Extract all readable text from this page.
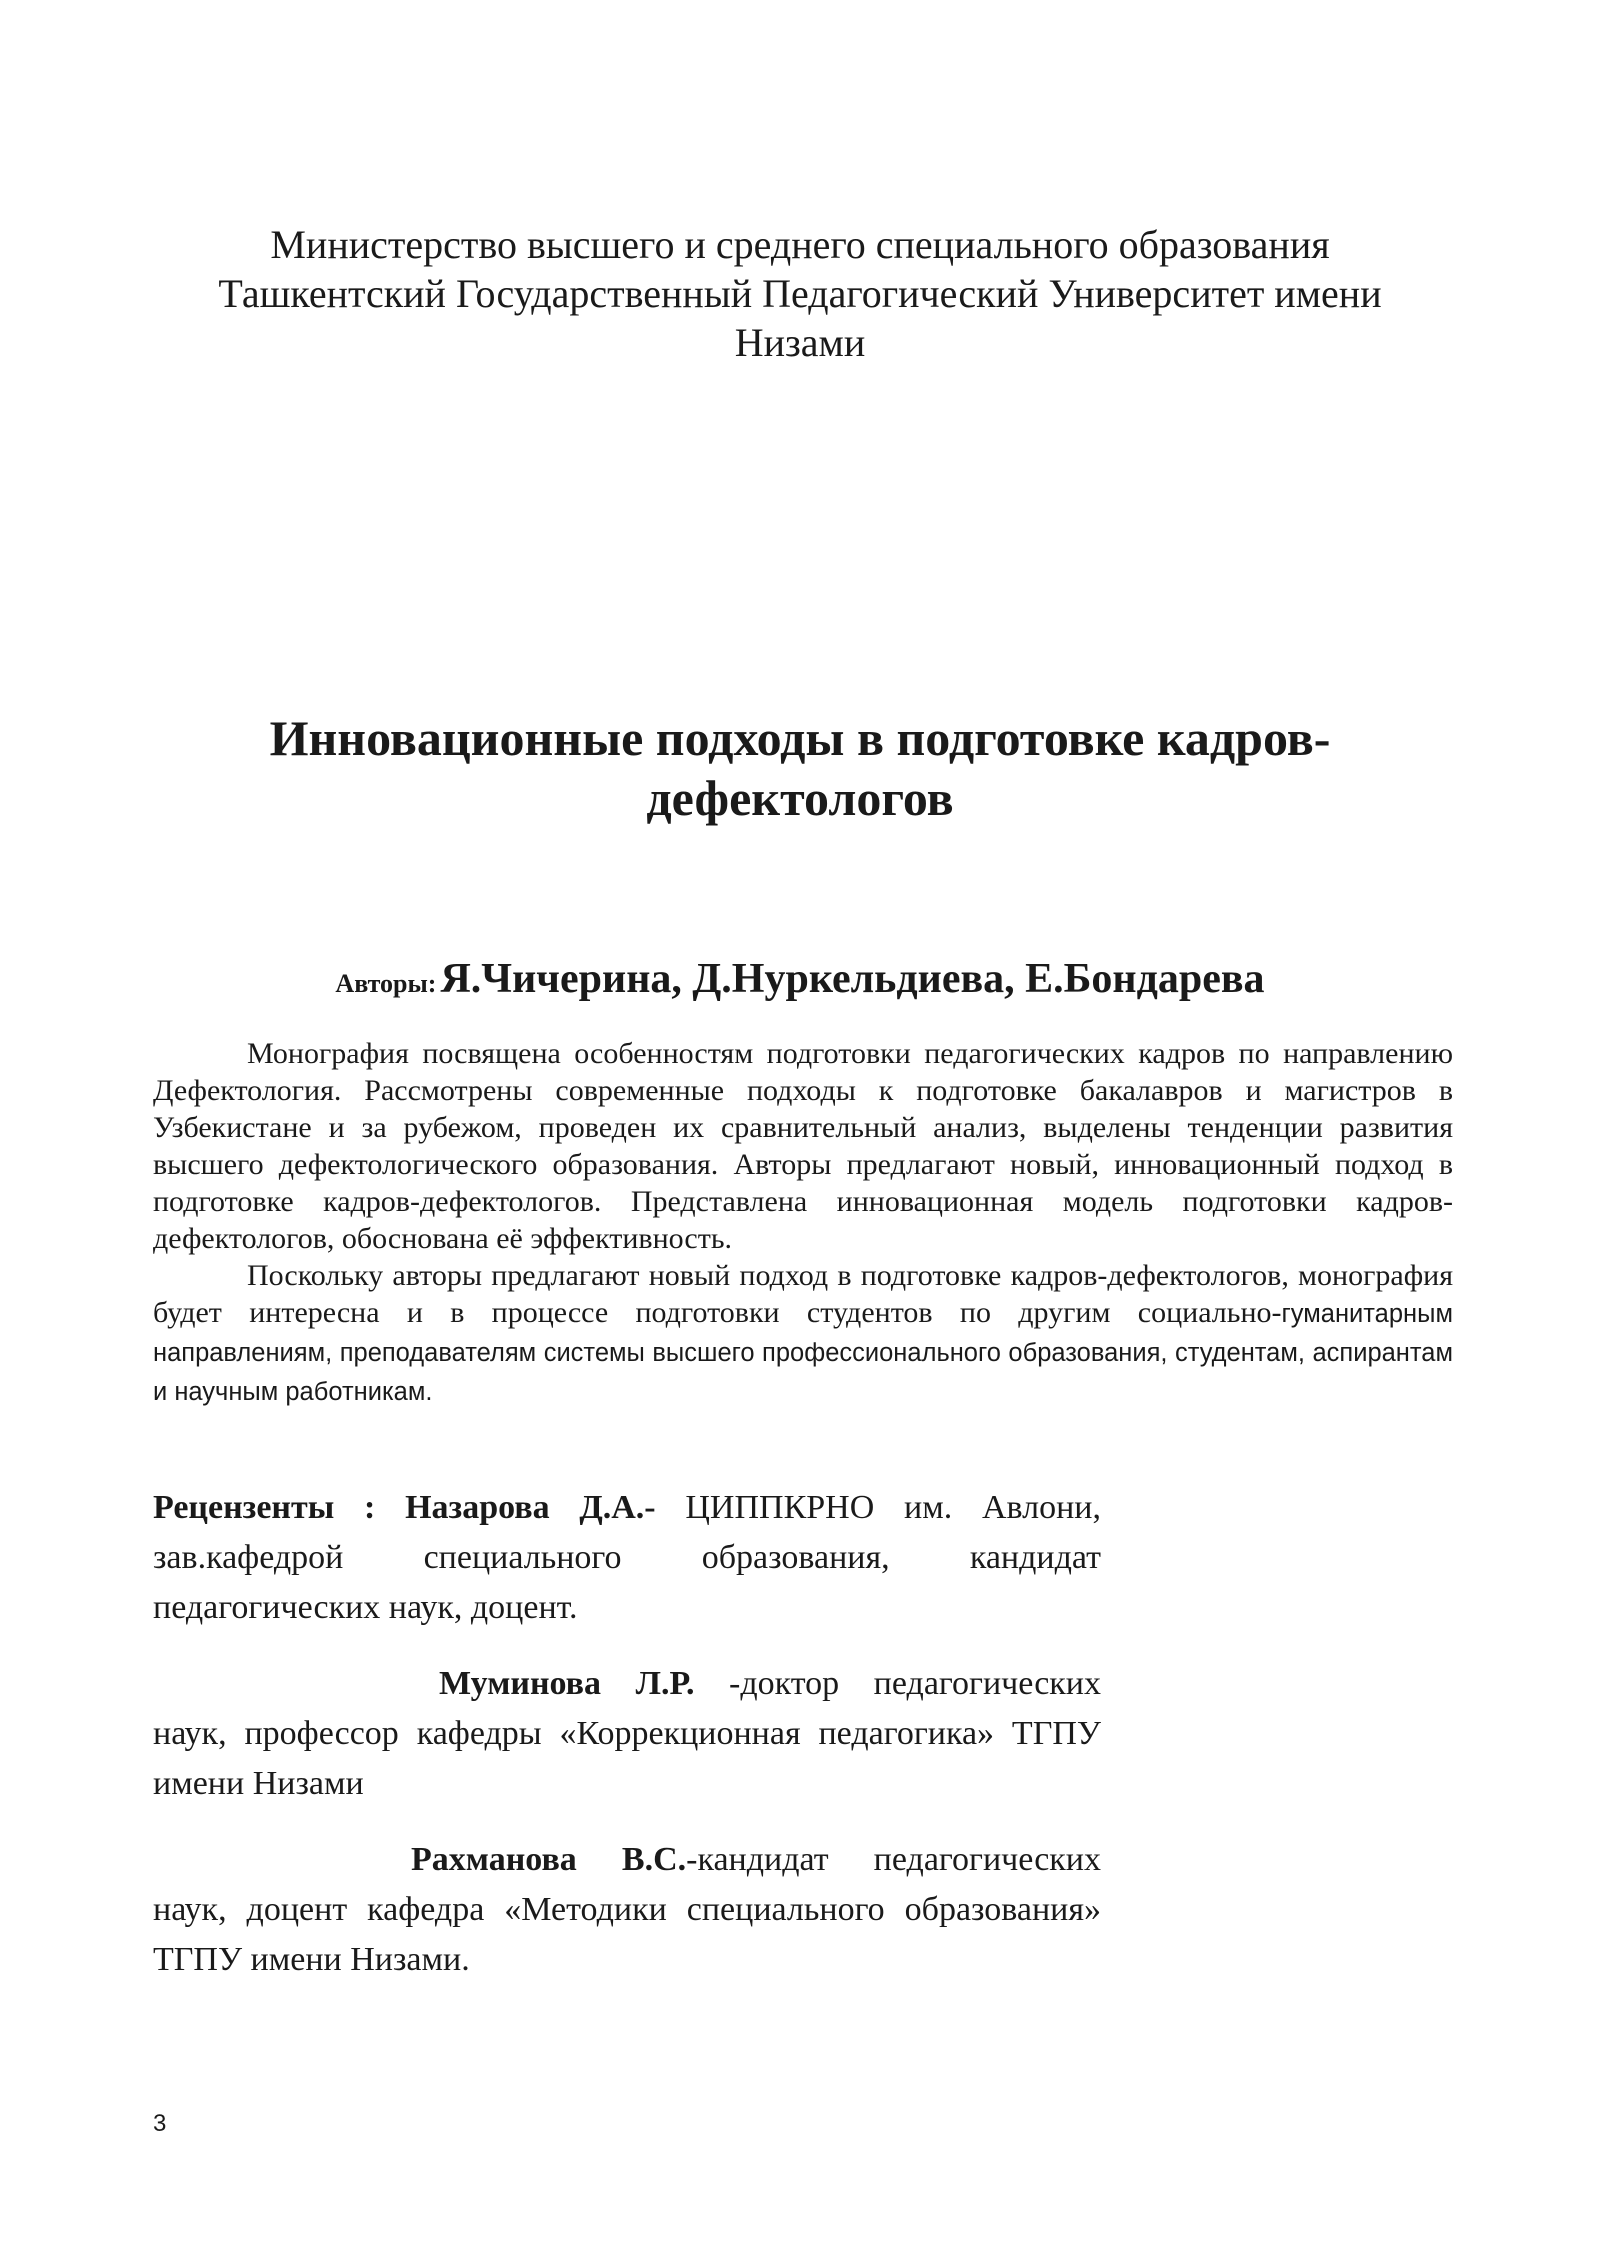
Министерство высшего и среднего специального образования
Ташкентский Государственный Педагогический Университет имени
Низами
Инновационные подходы в подготовке кадров-
дефектологов
Авторы: Я.Чичерина, Д.Нуркельдиева, Е.Бондарева

Монография посвящена особенностям подготовки педагогических кадров по направлению Дефектология. Рассмотрены современные подходы к подготовке бакалавров и магистров в Узбекистане и за рубежом, проведен их сравнительный анализ, выделены тенденции развития высшего дефектологического образования. Авторы предлагают новый, инновационный подход в подготовке кадров-дефектологов. Представлена инновационная модель подготовки кадров-дефектологов, обоснована её эффективность.

Поскольку авторы предлагают новый подход в подготовке кадров-дефектологов, монография будет интересна и в процессе подготовки студентов по другим социально-гуманитарным направлениям, преподавателям системы высшего профессионального образования, студентам, аспирантам и научным работникам.

Рецензенты : Назарова Д.А.- ЦИППКРНО им. Авлони, зав.кафедрой специального образования, кандидат педагогических наук, доцент.

Муминова Л.Р. -доктор педагогических наук, профессор кафедры «Коррекционная педагогика» ТГПУ имени Низами

Рахманова В.С.-кандидат педагогических наук, доцент кафедра «Методики специального образования» ТГПУ имени Низами.

3
